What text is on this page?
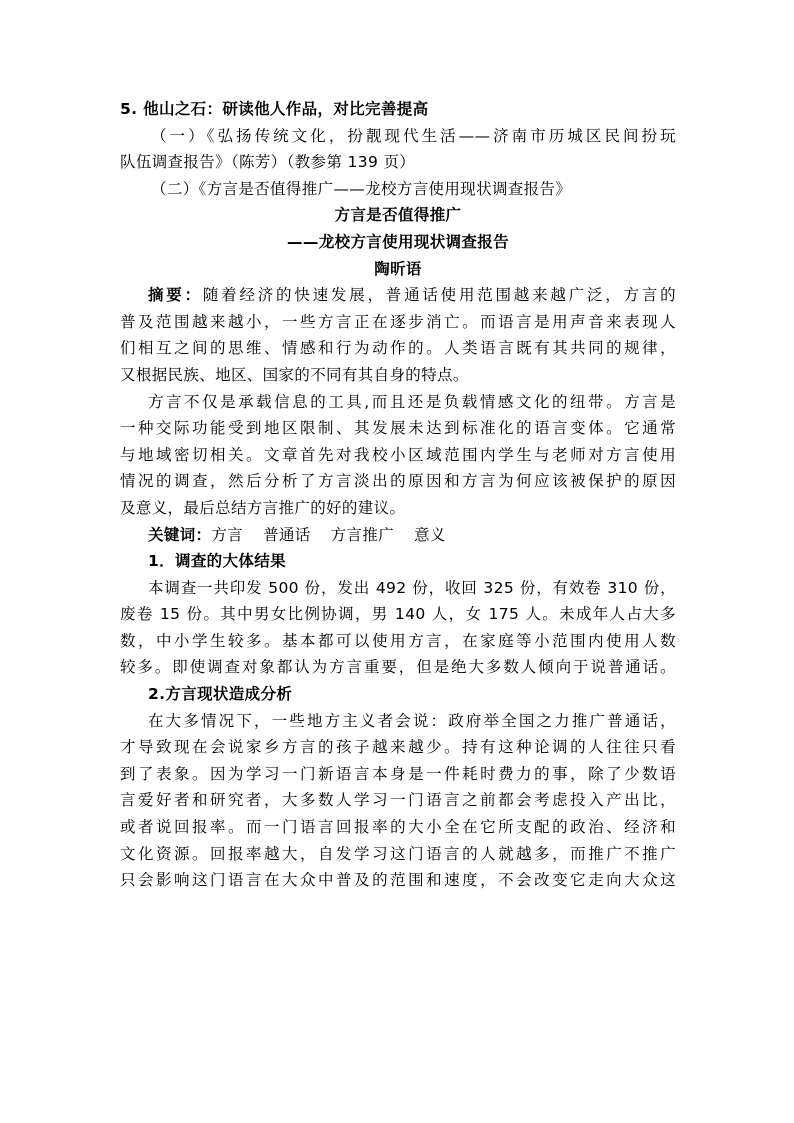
5. 他山之石：研读他人作品，对比完善提高
（一）《弘扬传统文化，扮靓现代生活——济南市历城区民间扮玩
队伍调查报告》（陈芳）（教参第 139 页）
（二）《方言是否值得推广——龙校方言使用现状调查报告》
方言是否值得推广
——龙校方言使用现状调查报告
陶昕语
摘要：随着经济的快速发展，普通话使用范围越来越广泛，方言的
普及范围越来越小，一些方言正在逐步消亡。而语言是用声音来表现人
们相互之间的思维、情感和行为动作的。人类语言既有其共同的规律，
又根据民族、地区、国家的不同有其自身的特点。
方言不仅是承载信息的工具,而且还是负载情感文化的纽带。方言是
一种交际功能受到地区限制、其发展未达到标准化的语言变体。它通常
与地域密切相关。文章首先对我校小区域范围内学生与老师对方言使用
情况的调查，然后分析了方言淡出的原因和方言为何应该被保护的原因
及意义，最后总结方言推广的好的建议。
关键词：方言 普通话 方言推广 意义
1．调查的大体结果
本调查一共印发 500 份，发出 492 份，收回 325 份，有效卷 310 份，
废卷 15 份。其中男女比例协调，男 140 人，女 175 人。未成年人占大多
数，中小学生较多。基本都可以使用方言，在家庭等小范围内使用人数
较多。即使调查对象都认为方言重要，但是绝大多数人倾向于说普通话。
2.方言现状造成分析
在大多情况下，一些地方主义者会说：政府举全国之力推广普通话，
才导致现在会说家乡方言的孩子越来越少。持有这种论调的人往往只看
到了表象。因为学习一门新语言本身是一件耗时费力的事，除了少数语
言爱好者和研究者，大多数人学习一门语言之前都会考虑投入产出比，
或者说回报率。而一门语言回报率的大小全在它所支配的政治、经济和
文化资源。回报率越大，自发学习这门语言的人就越多，而推广不推广
只会影响这门语言在大众中普及的范围和速度，不会改变它走向大众这
